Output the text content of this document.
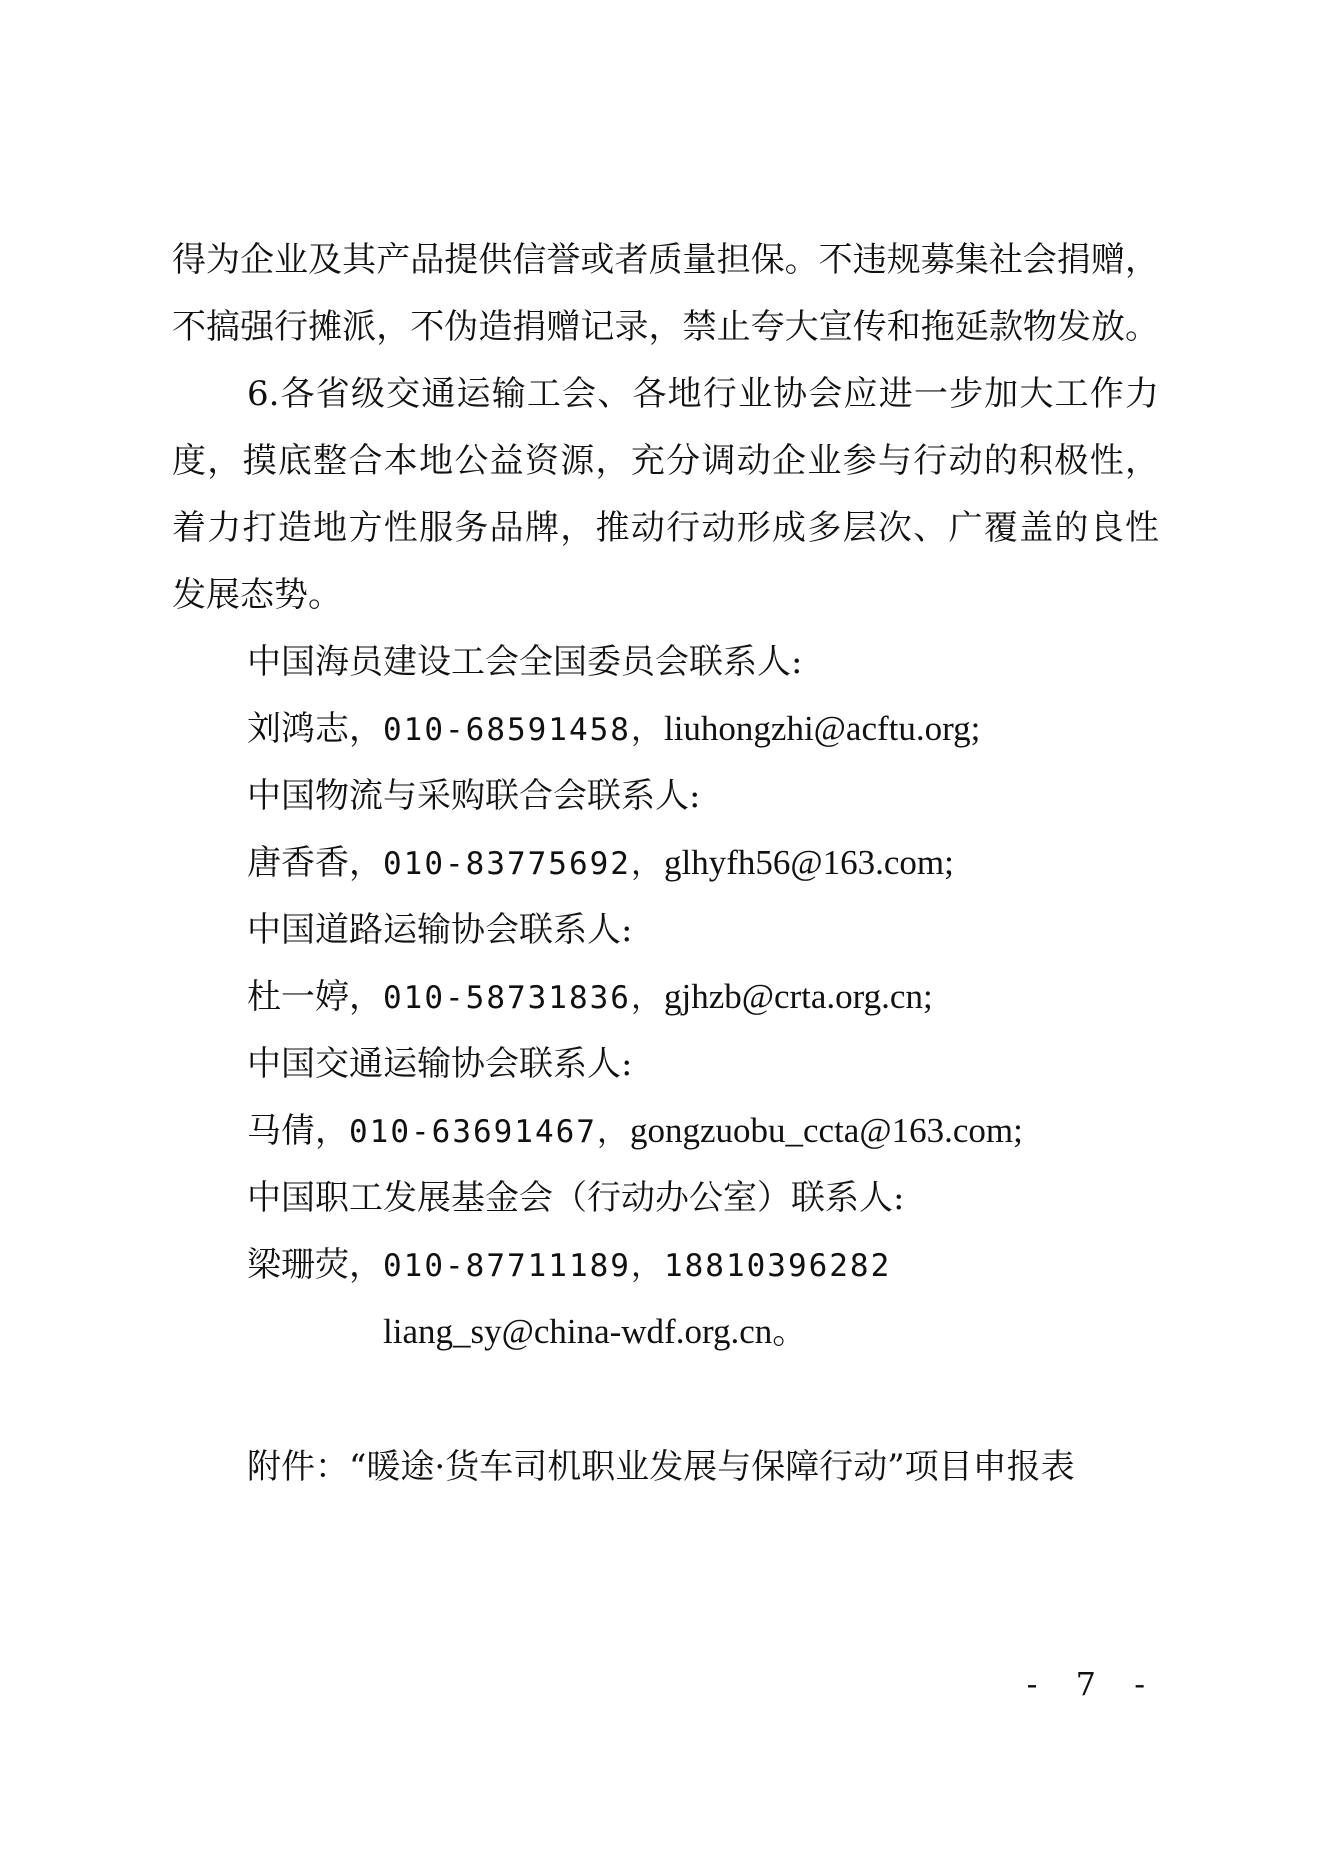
得为企业及其产品提供信誉或者质量担保。不违规募集社会捐赠，

不搞强行摊派，不伪造捐赠记录，禁止夸大宣传和拖延款物发放。

6.各省级交通运输工会、各地行业协会应进一步加大工作力

度，摸底整合本地公益资源，充分调动企业参与行动的积极性，

着力打造地方性服务品牌，推动行动形成多层次、广覆盖的良性

发展态势。

中国海员建设工会全国委员会联系人:

刘鸿志，010-68591458，liuhongzhi@acftu.org;

中国物流与采购联合会联系人:

唐香香，010-83775692，glhyfh56@163.com;

中国道路运输协会联系人:

杜一婷，010-58731836，gjhzb@crta.org.cn;

中国交通运输协会联系人:

马倩，010-63691467，gongzuobu_ccta@163.com;

中国职工发展基金会（行动办公室）联系人:

梁珊荧，010-87711189，18810396282

liang_sy@china-wdf.org.cn。

附件：“暖途·货车司机职业发展与保障行动”项目申报表

- 7 -
